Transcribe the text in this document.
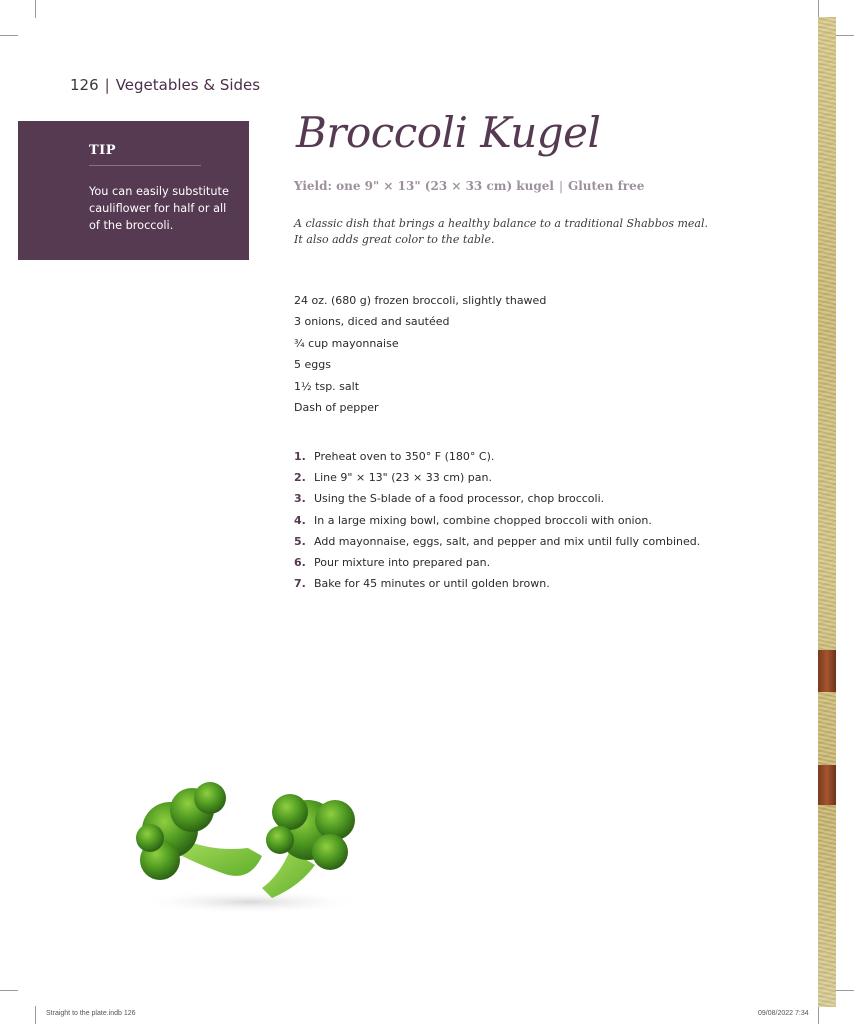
126 | Vegetables & Sides
TIP
You can easily substitute cauliflower for half or all of the broccoli.
Broccoli Kugel
Yield: one 9" × 13" (23 × 33 cm) kugel | Gluten free
A classic dish that brings a healthy balance to a traditional Shabbos meal.
It also adds great color to the table.
24 oz. (680 g) frozen broccoli, slightly thawed
3 onions, diced and sautéed
¾ cup mayonnaise
5 eggs
1½ tsp. salt
Dash of pepper
1. Preheat oven to 350° F (180° C).
2. Line 9" × 13" (23 × 33 cm) pan.
3. Using the S-blade of a food processor, chop broccoli.
4. In a large mixing bowl, combine chopped broccoli with onion.
5. Add mayonnaise, eggs, salt, and pepper and mix until fully combined.
6. Pour mixture into prepared pan.
7. Bake for 45 minutes or until golden brown.
Straight to the plate.indb 126	09/08/2022 7:34
